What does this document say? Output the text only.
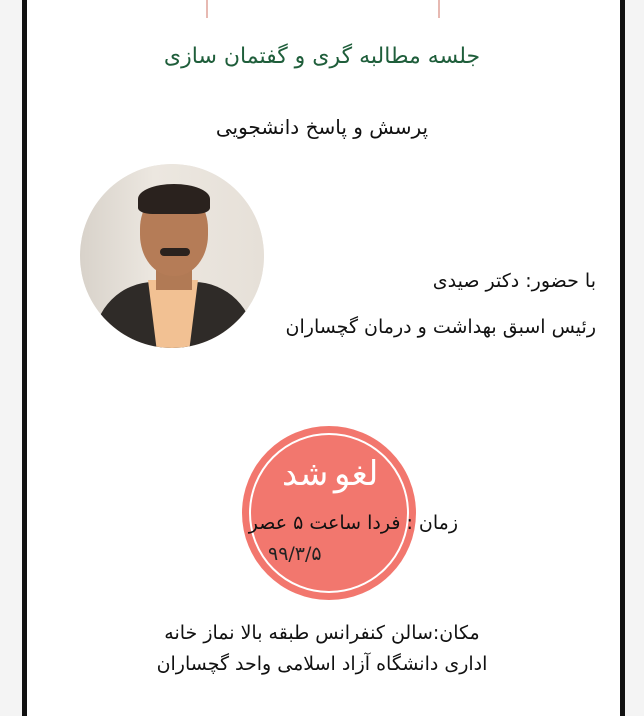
جلسه مطالبه گری و گفتمان سازی
پرسش و پاسخ دانشجویی
با حضور: دکتر صیدی
رئیس اسبق بهداشت و درمان گچساران
لغو
شد
زمان : فردا ساعت ۵ عصر
۹۹/۳/۵
مکان:سالن کنفرانس طبقه بالا نماز خانه
اداری دانشگاه آزاد اسلامی واحد گچساران
